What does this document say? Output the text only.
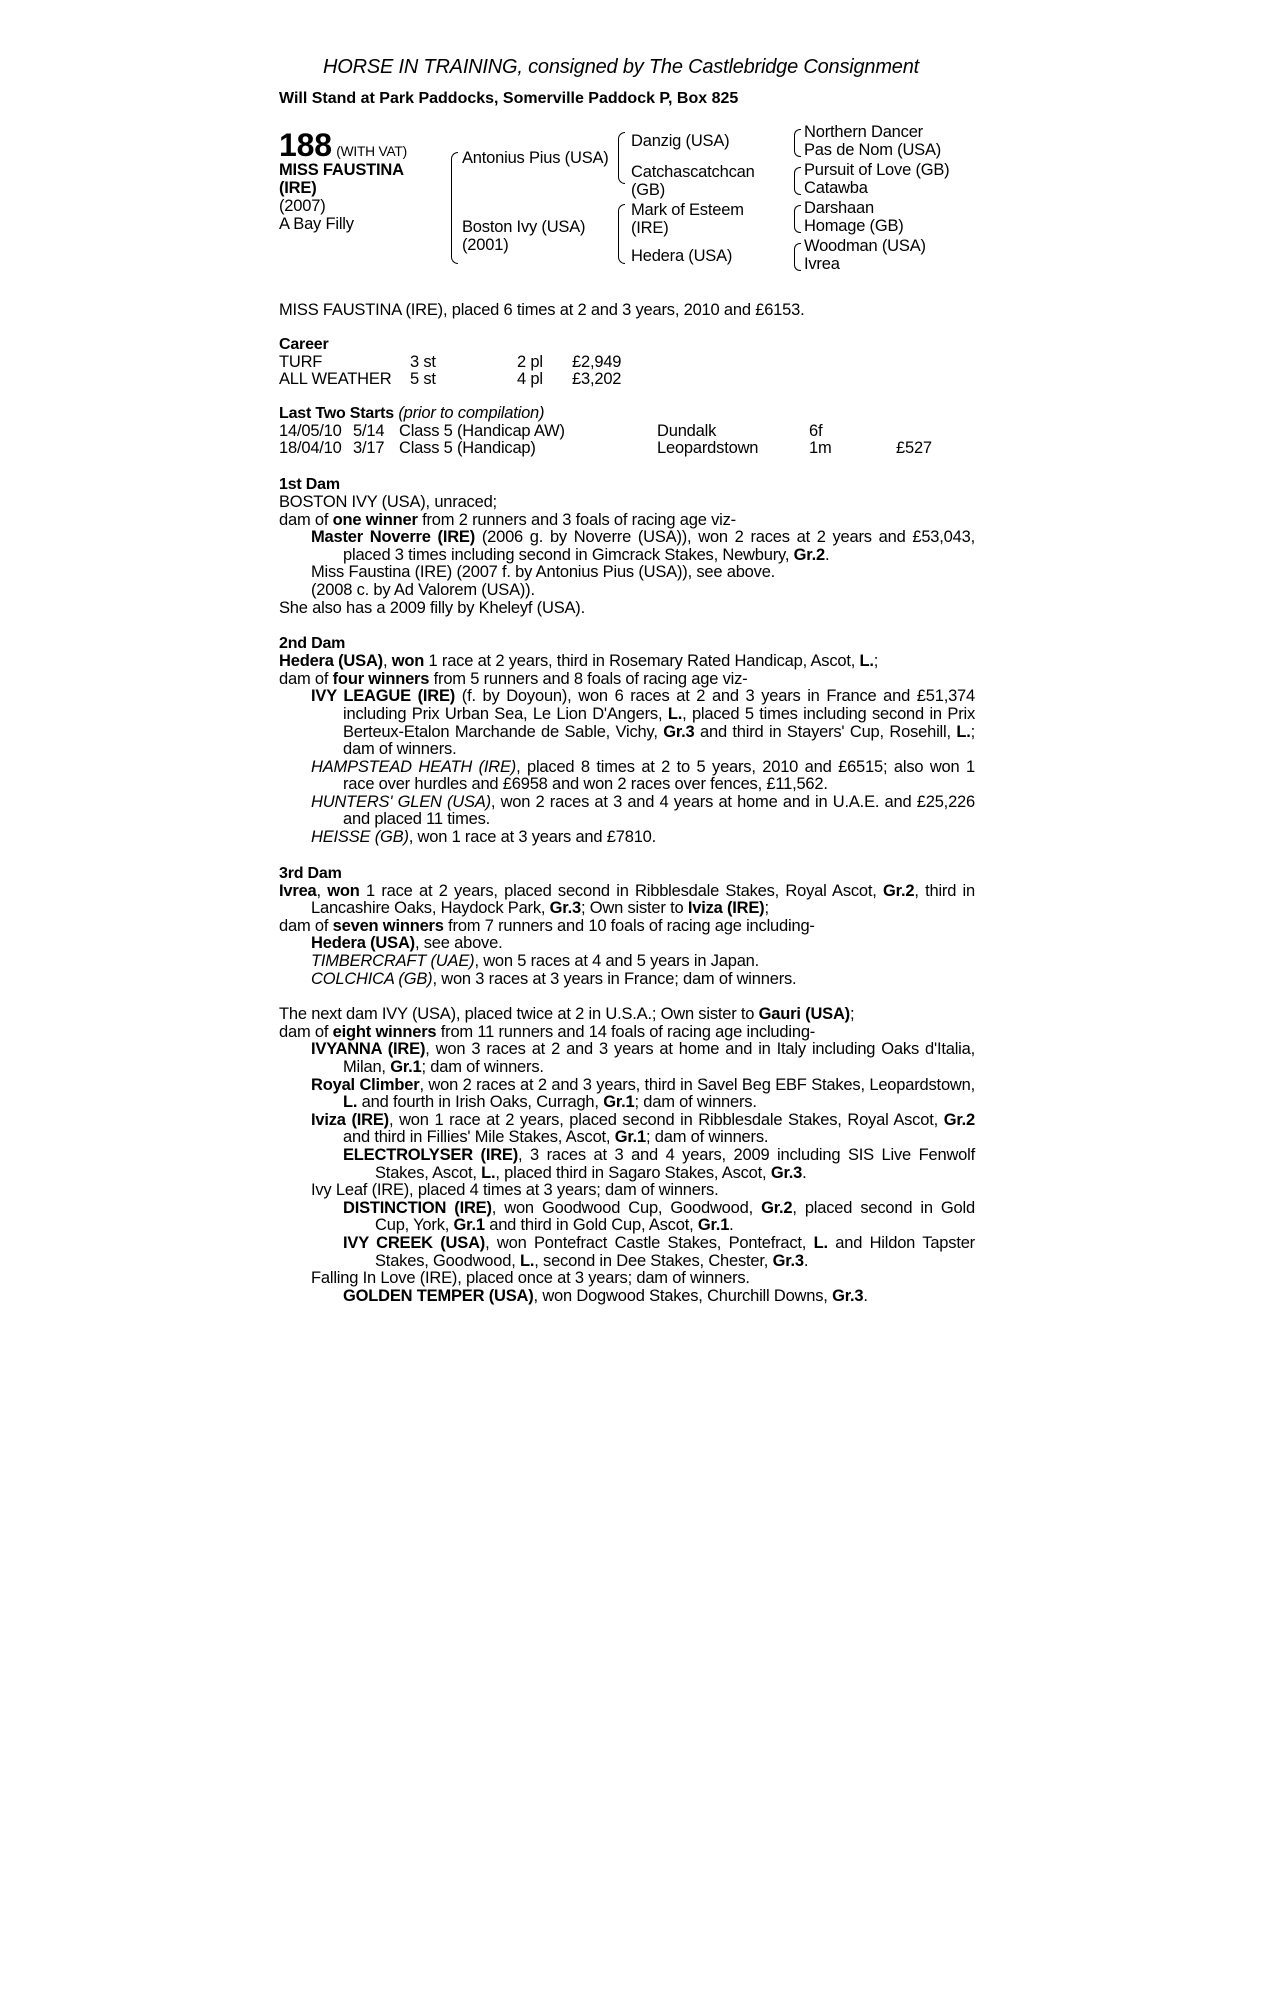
HORSE IN TRAINING, consigned by The Castlebridge Consignment
Will Stand at Park Paddocks, Somerville Paddock P, Box 825
188 (WITH VAT)
MISS FAUSTINA
(IRE)
(2007)
A Bay Filly
Antonius Pius (USA)
Boston Ivy (USA)
(2001)
Danzig (USA)
Catchascatchcan
(GB)
Mark of Esteem
(IRE)
Hedera (USA)
Northern Dancer
Pas de Nom (USA)
Pursuit of Love (GB)
Catawba
Darshaan
Homage (GB)
Woodman (USA)
Ivrea

MISS FAUSTINA (IRE), placed 6 times at 2 and 3 years, 2010 and £6153.

Career
TURF	3 st	2 pl	£2,949
ALL WEATHER	5 st	4 pl	£3,202
Last Two Starts (prior to compilation)
14/05/10 5/14 Class 5 (Handicap AW)	Dundalk	6f
18/04/10 3/17 Class 5 (Handicap)	Leopardstown	1m	£527
1st Dam

BOSTON IVY (USA), unraced;

dam of one winner from 2 runners and 3 foals of racing age viz-

Master Noverre (IRE) (2006 g. by Noverre (USA)), won 2 races at 2 years and £53,043, placed 3 times including second in Gimcrack Stakes, Newbury, Gr.2.

Miss Faustina (IRE) (2007 f. by Antonius Pius (USA)), see above.

(2008 c. by Ad Valorem (USA)).

She also has a 2009 filly by Kheleyf (USA).

2nd Dam

Hedera (USA), won 1 race at 2 years, third in Rosemary Rated Handicap, Ascot, L.;

dam of four winners from 5 runners and 8 foals of racing age viz-

IVY LEAGUE (IRE) (f. by Doyoun), won 6 races at 2 and 3 years in France and £51,374 including Prix Urban Sea, Le Lion D'Angers, L., placed 5 times including second in Prix Berteux-Etalon Marchande de Sable, Vichy, Gr.3 and third in Stayers' Cup, Rosehill, L.; dam of winners.

HAMPSTEAD HEATH (IRE), placed 8 times at 2 to 5 years, 2010 and £6515; also won 1 race over hurdles and £6958 and won 2 races over fences, £11,562.

HUNTERS' GLEN (USA), won 2 races at 3 and 4 years at home and in U.A.E. and £25,226 and placed 11 times.

HEISSE (GB), won 1 race at 3 years and £7810.

3rd Dam

Ivrea, won 1 race at 2 years, placed second in Ribblesdale Stakes, Royal Ascot, Gr.2, third in Lancashire Oaks, Haydock Park, Gr.3; Own sister to Iviza (IRE);

dam of seven winners from 7 runners and 10 foals of racing age including-

Hedera (USA), see above.

TIMBERCRAFT (UAE), won 5 races at 4 and 5 years in Japan.

COLCHICA (GB), won 3 races at 3 years in France; dam of winners.

The next dam IVY (USA), placed twice at 2 in U.S.A.; Own sister to Gauri (USA);

dam of eight winners from 11 runners and 14 foals of racing age including-

IVYANNA (IRE), won 3 races at 2 and 3 years at home and in Italy including Oaks d'Italia, Milan, Gr.1; dam of winners.

Royal Climber, won 2 races at 2 and 3 years, third in Savel Beg EBF Stakes, Leopardstown, L. and fourth in Irish Oaks, Curragh, Gr.1; dam of winners.

Iviza (IRE), won 1 race at 2 years, placed second in Ribblesdale Stakes, Royal Ascot, Gr.2 and third in Fillies' Mile Stakes, Ascot, Gr.1; dam of winners.

ELECTROLYSER (IRE), 3 races at 3 and 4 years, 2009 including SIS Live Fenwolf Stakes, Ascot, L., placed third in Sagaro Stakes, Ascot, Gr.3.

Ivy Leaf (IRE), placed 4 times at 3 years; dam of winners.

DISTINCTION (IRE), won Goodwood Cup, Goodwood, Gr.2, placed second in Gold Cup, York, Gr.1 and third in Gold Cup, Ascot, Gr.1.

IVY CREEK (USA), won Pontefract Castle Stakes, Pontefract, L. and Hildon Tapster Stakes, Goodwood, L., second in Dee Stakes, Chester, Gr.3.

Falling In Love (IRE), placed once at 3 years; dam of winners.

GOLDEN TEMPER (USA), won Dogwood Stakes, Churchill Downs, Gr.3.
